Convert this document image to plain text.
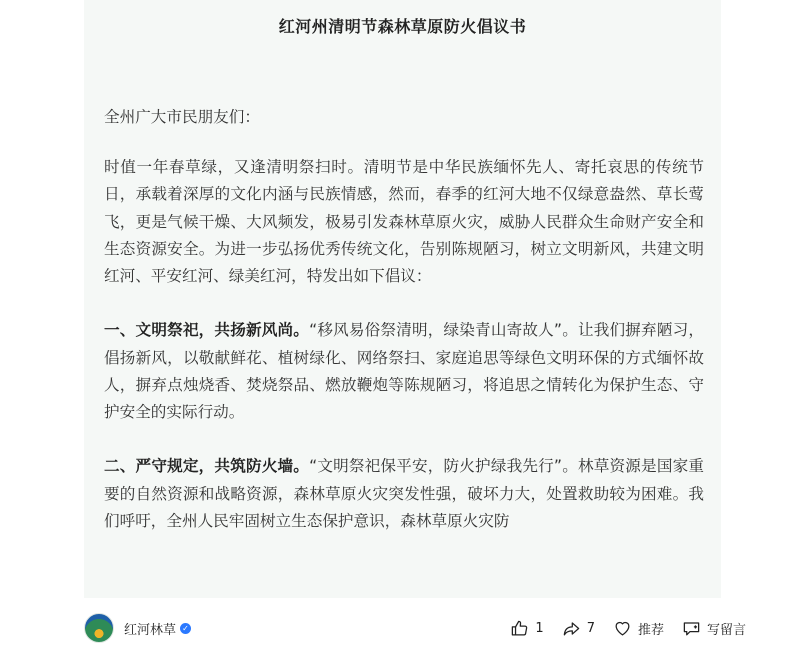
红河州清明节森林草原防火倡议书

全州广大市民朋友们：

时值一年春草绿，又逢清明祭扫时。清明节是中华民族缅怀先人、寄托哀思的传统节日，承载着深厚的文化内涵与民族情感，然而，春季的红河大地不仅绿意盎然、草长莺飞，更是气候干燥、大风频发，极易引发森林草原火灾，威胁人民群众生命财产安全和生态资源安全。为进一步弘扬优秀传统文化，告别陈规陋习，树立文明新风，共建文明红河、平安红河、绿美红河，特发出如下倡议：

一、文明祭祀，共扬新风尚。“移风易俗祭清明，绿染青山寄故人”。让我们摒弃陋习，倡扬新风，以敬献鲜花、植树绿化、网络祭扫、家庭追思等绿色文明环保的方式缅怀故人，摒弃点烛烧香、焚烧祭品、燃放鞭炮等陈规陋习，将追思之情转化为保护生态、守护安全的实际行动。

二、严守规定，共筑防火墙。“文明祭祀保平安，防火护绿我先行”。林草资源是国家重要的自然资源和战略资源，森林草原火灾突发性强，破坏力大，处置救助较为困难。我们呼吁，全州人民牢固树立生态保护意识，森林草原火灾防

红河林草 ✓	1	7	推荐	写留言
